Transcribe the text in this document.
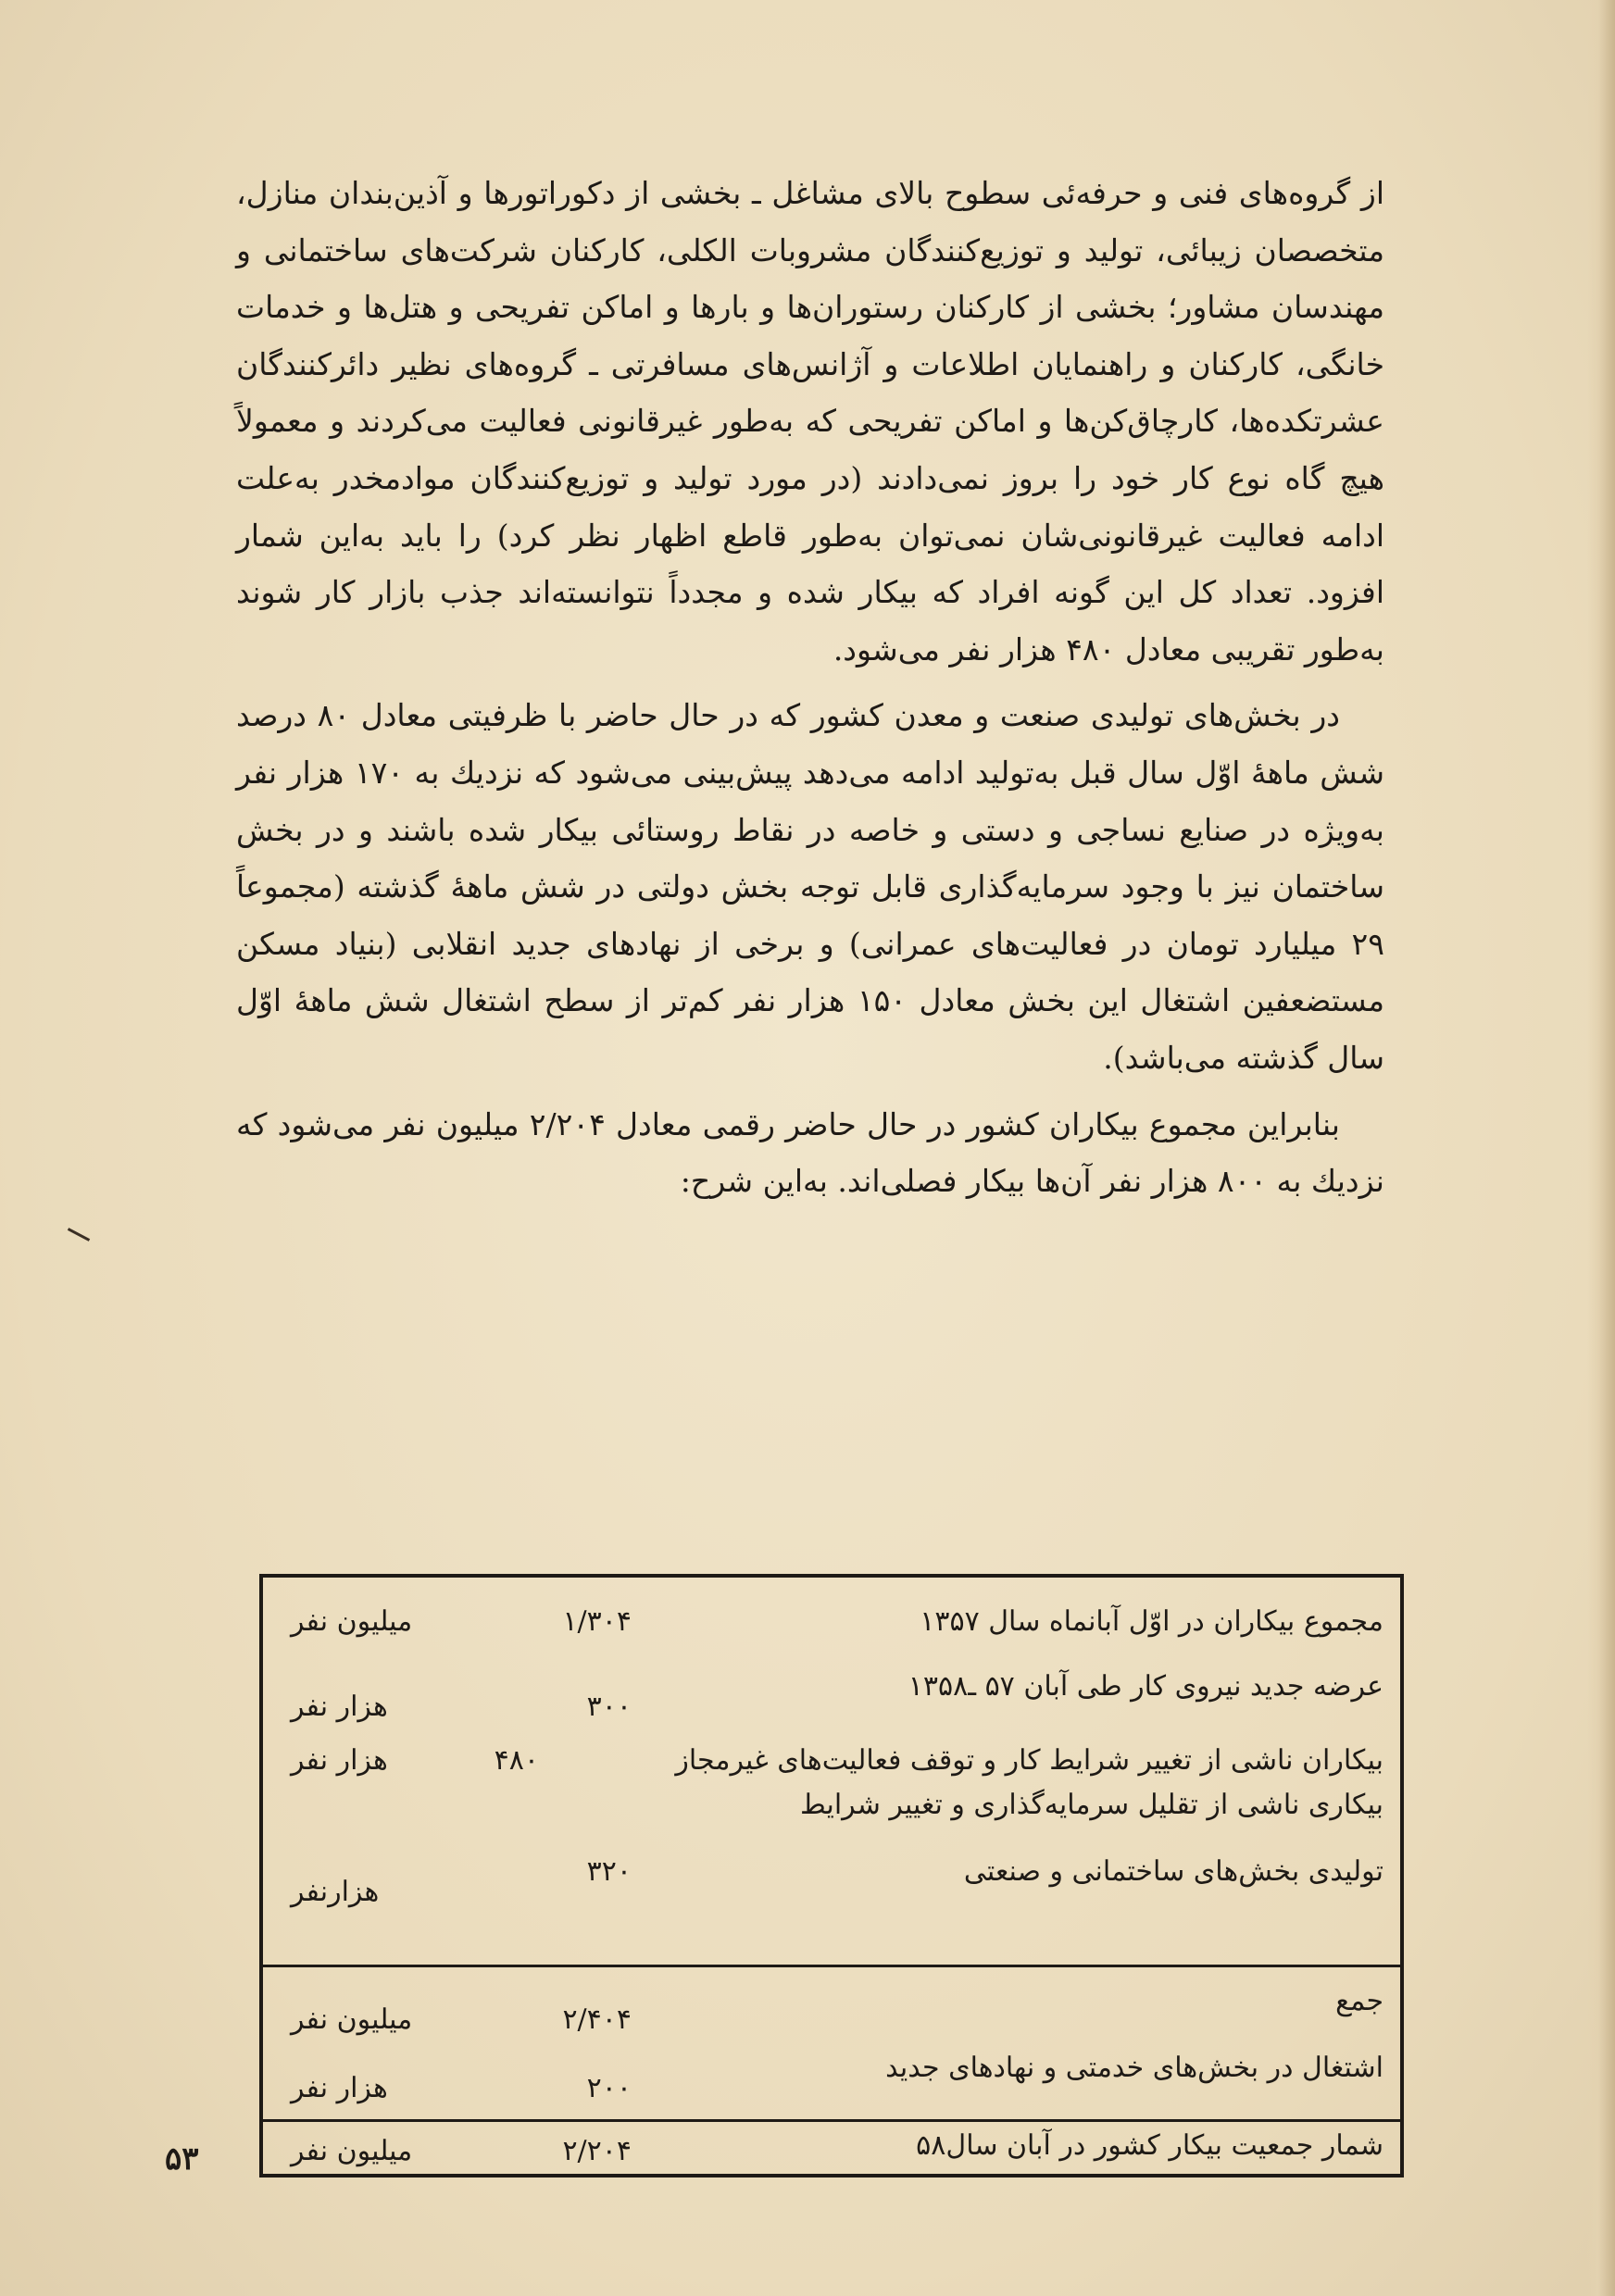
از گروه‌های فنی و حرفه‌ئی سطوح بالای مشاغل ـ بخشی از دکوراتورها و آذین‌بندان منازل، متخصصان زیبائی، تولید و توزیع‌کنندگان مشروبات الکلی، کارکنان شرکت‌های ساختمانی و مهندسان مشاور؛ بخشی از کارکنان رستوران‌ها و بارها و اماکن تفریحی و هتل‌ها و خدمات خانگی، کارکنان و راهنمایان اطلاعات و آژانس‌های مسافرتی ـ گروه‌های نظیر دائرکنندگان عشرتکده‌ها، کارچاق‌کن‌ها و اماکن تفریحی که به‌طور غیرقانونی فعالیت می‌کردند و معمولاً هیچ گاه نوع کار خود را بروز نمی‌دادند (در مورد تولید و توزیع‌کنندگان موادمخدر به‌علت ادامه فعالیت غیرقانونی‌شان نمی‌توان به‌طور قاطع اظهار نظر کرد) را باید به‌این شمار افزود. تعداد کل این گونه افراد که بیکار شده و مجدداً نتوانسته‌اند جذب بازار کار شوند به‌طور تقریبی معادل ۴۸۰ هزار نفر می‌شود.

در بخش‌های تولیدی صنعت و معدن کشور که در حال حاضر با ظرفیتی معادل ۸۰ درصد شش ماههٔ اوّل سال قبل به‌تولید ادامه می‌دهد پیش‌بینی می‌شود که نزدیك به ۱۷۰ هزار نفر به‌ویژه در صنایع نساجی و دستی و خاصه در نقاط روستائی بیکار شده باشند و در بخش ساختمان نیز با وجود سرمایه‌گذاری قابل توجه بخش دولتی در شش ماههٔ گذشته (مجموعاً ۲۹ میلیارد تومان در فعالیت‌های عمرانی) و برخی از نهادهای جدید انقلابی (بنیاد مسکن مستضعفین اشتغال این بخش معادل ۱۵۰ هزار نفر کم‌تر از سطح اشتغال شش ماههٔ اوّل سال گذشته می‌باشد).

بنابراین مجموع بیکاران کشور در حال حاضر رقمی معادل ۲/۲۰۴ میلیون نفر می‌شود که نزدیك به ۸۰۰ هزار نفر آن‌ها بیکار فصلی‌اند. به‌این شرح:

مجموع بیکاران در اوّل آبانماه سال ۱۳۵۷
۱/۳۰۴
میلیون نفر
عرضه جدید نیروی کار طی آبان ۵۷ ـ۱۳۵۸
۳۰۰
هزار نفر
بیکاران ناشی از تغییر شرایط کار و توقف فعالیت‌های غیرمجاز
۴۸۰
هزار نفر
بیکاری ناشی از تقلیل سرمایه‌گذاری و تغییر شرایط
تولیدی بخش‌های ساختمانی و صنعتی
۳۲۰
هزارنفر
جمع
۲/۴۰۴
میلیون نفر
اشتغال در بخش‌های خدمتی و نهادهای جدید
۲۰۰
هزار نفر
شمار جمعیت بیکار کشور در آبان سال۵۸
۲/۲۰۴
میلیون نفر
۵۳
